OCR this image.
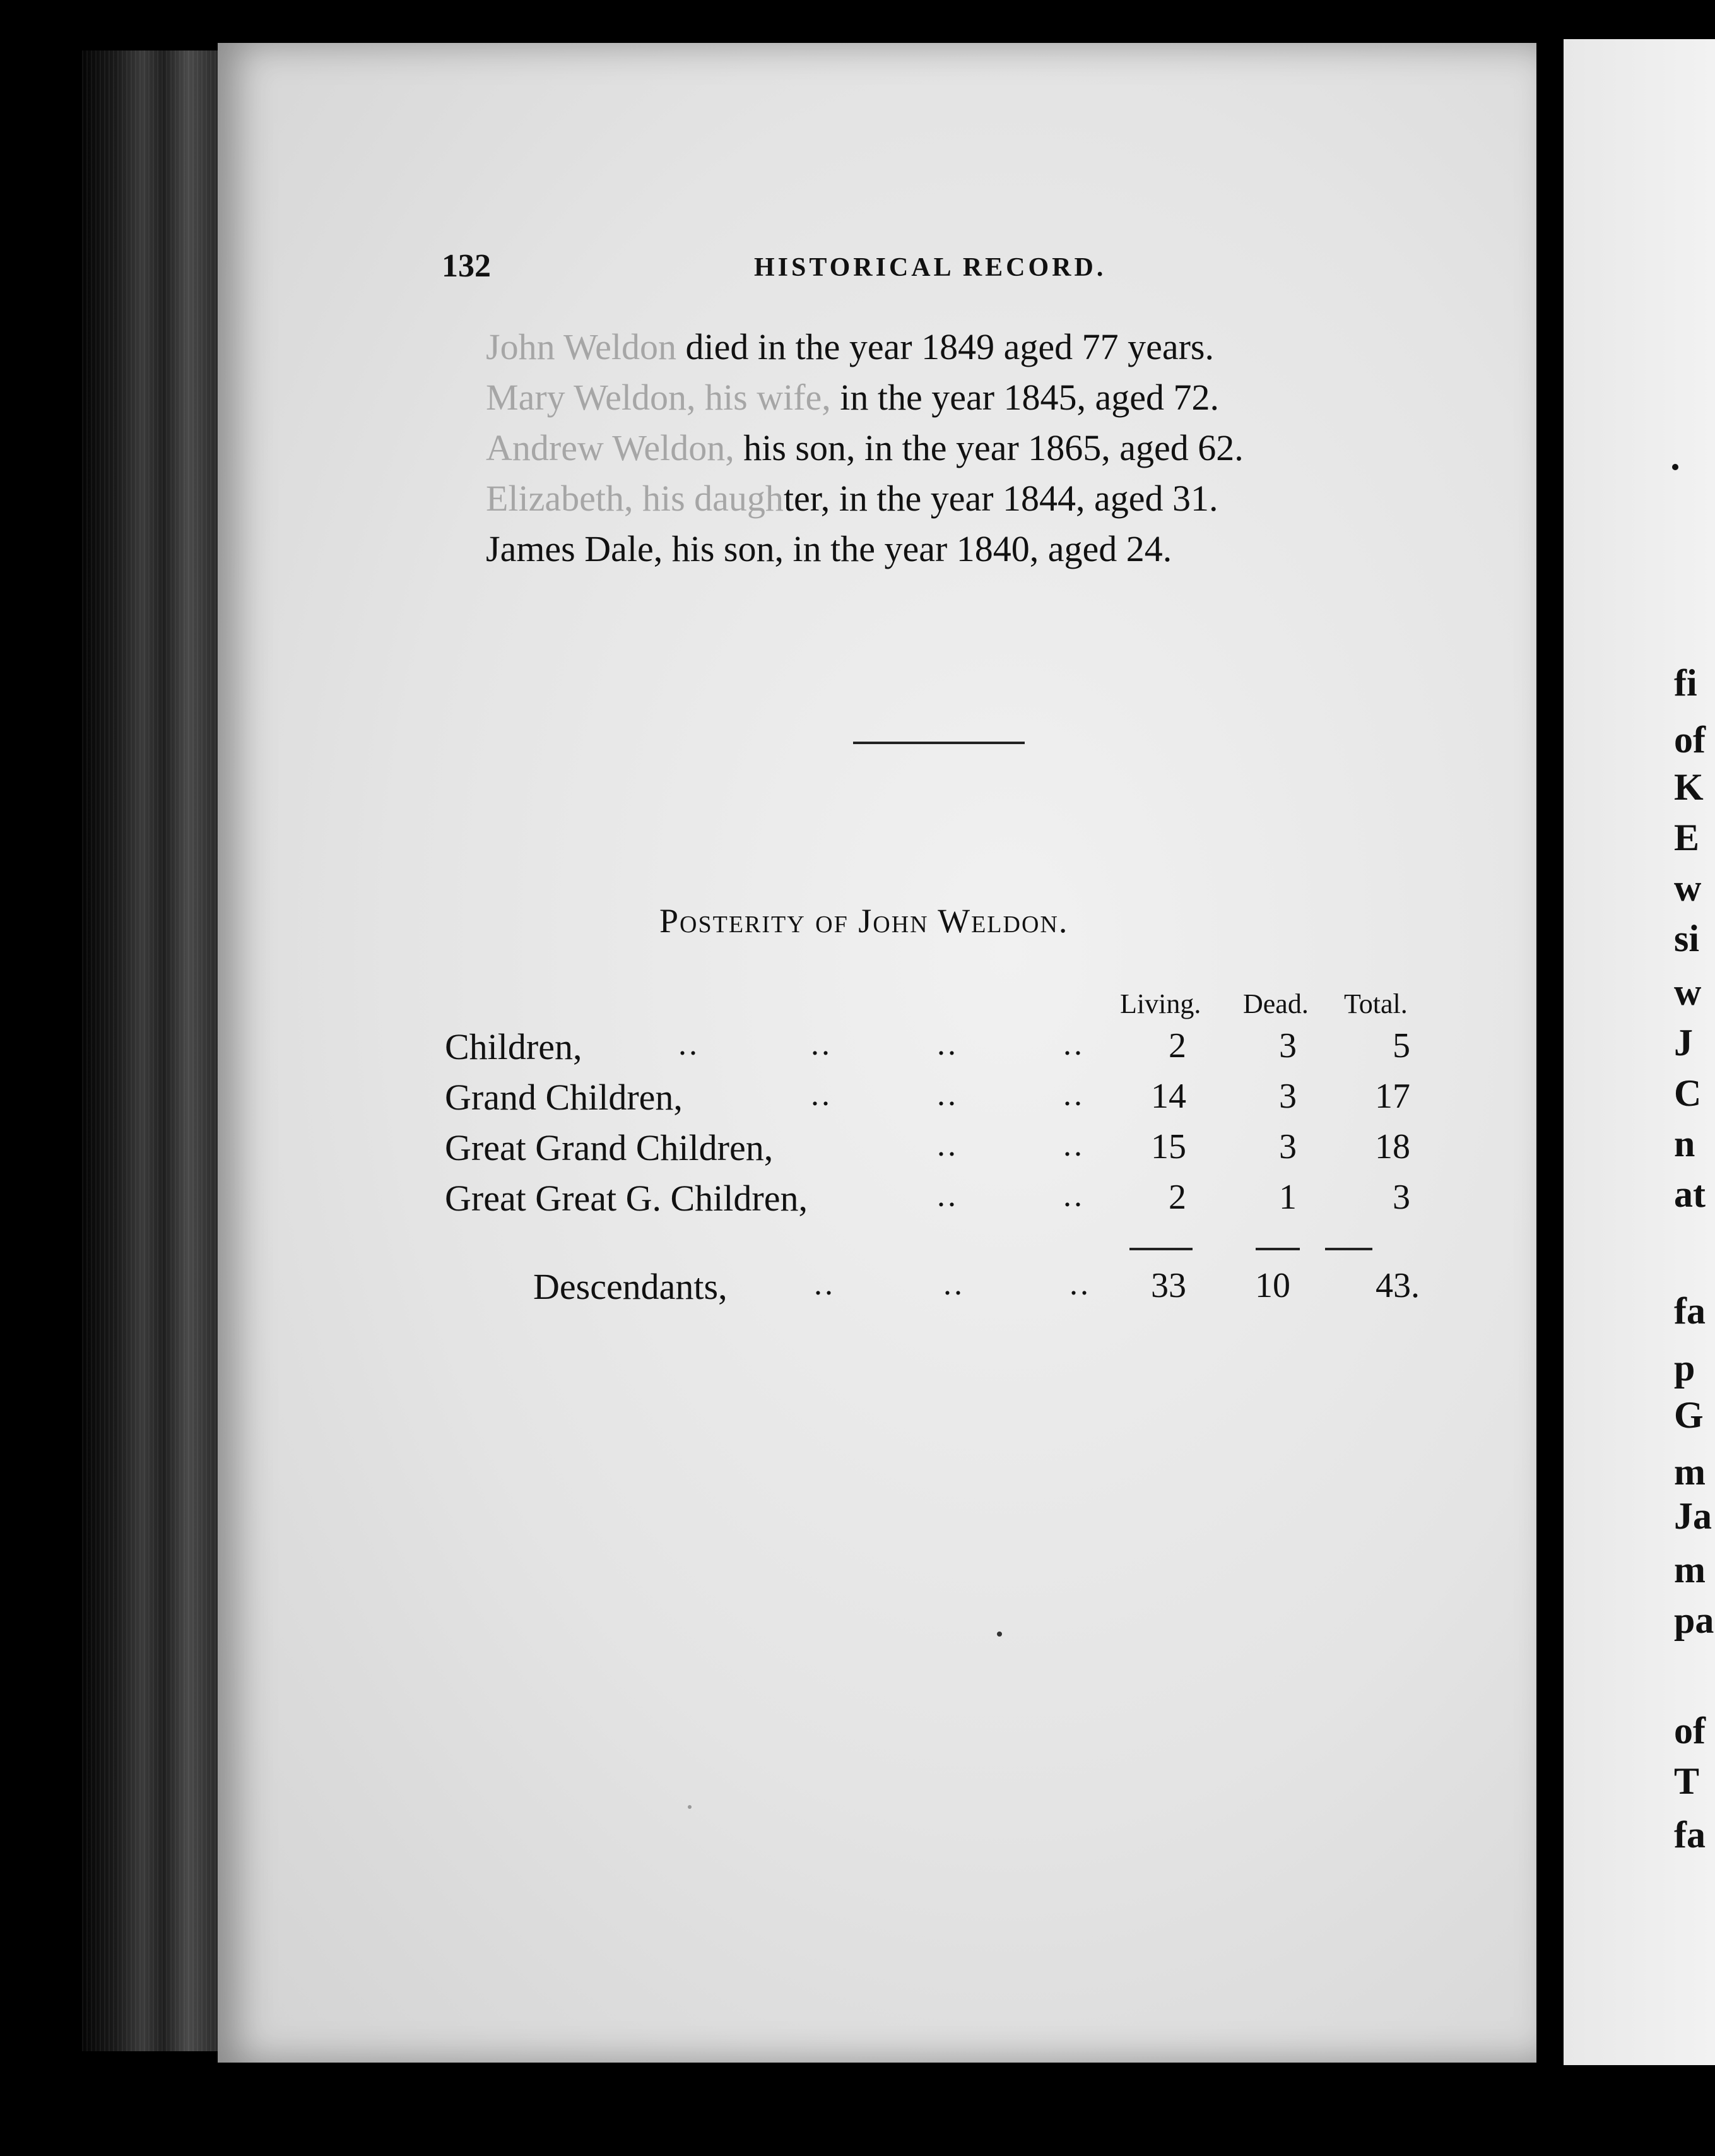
132	HISTORICAL RECORD.
John Weldon died in the year 1849 aged 77 years.
Mary Weldon, his wife, in the year 1845, aged 72.
Andrew Weldon, his son, in the year 1865, aged 62.
Elizabeth, his daughter, in the year 1844, aged 31.
James Dale, his son, in the year 1840, aged 24.
Posterity of John Weldon.
Living. Dead. Total.
Children,	..	..	..	..	2	3	5
Grand Children,	..	..	..	14	3	17
Great Grand Children,	..	..	15	3	18
Great Great G. Children,	..	..	2	1	3
Descendants,	..	..	..	33	10	43.
fi
of
K
E
w
si
w
J
C
n
at
fa
p
G
m
Ja
m
pa
of
T
fa
